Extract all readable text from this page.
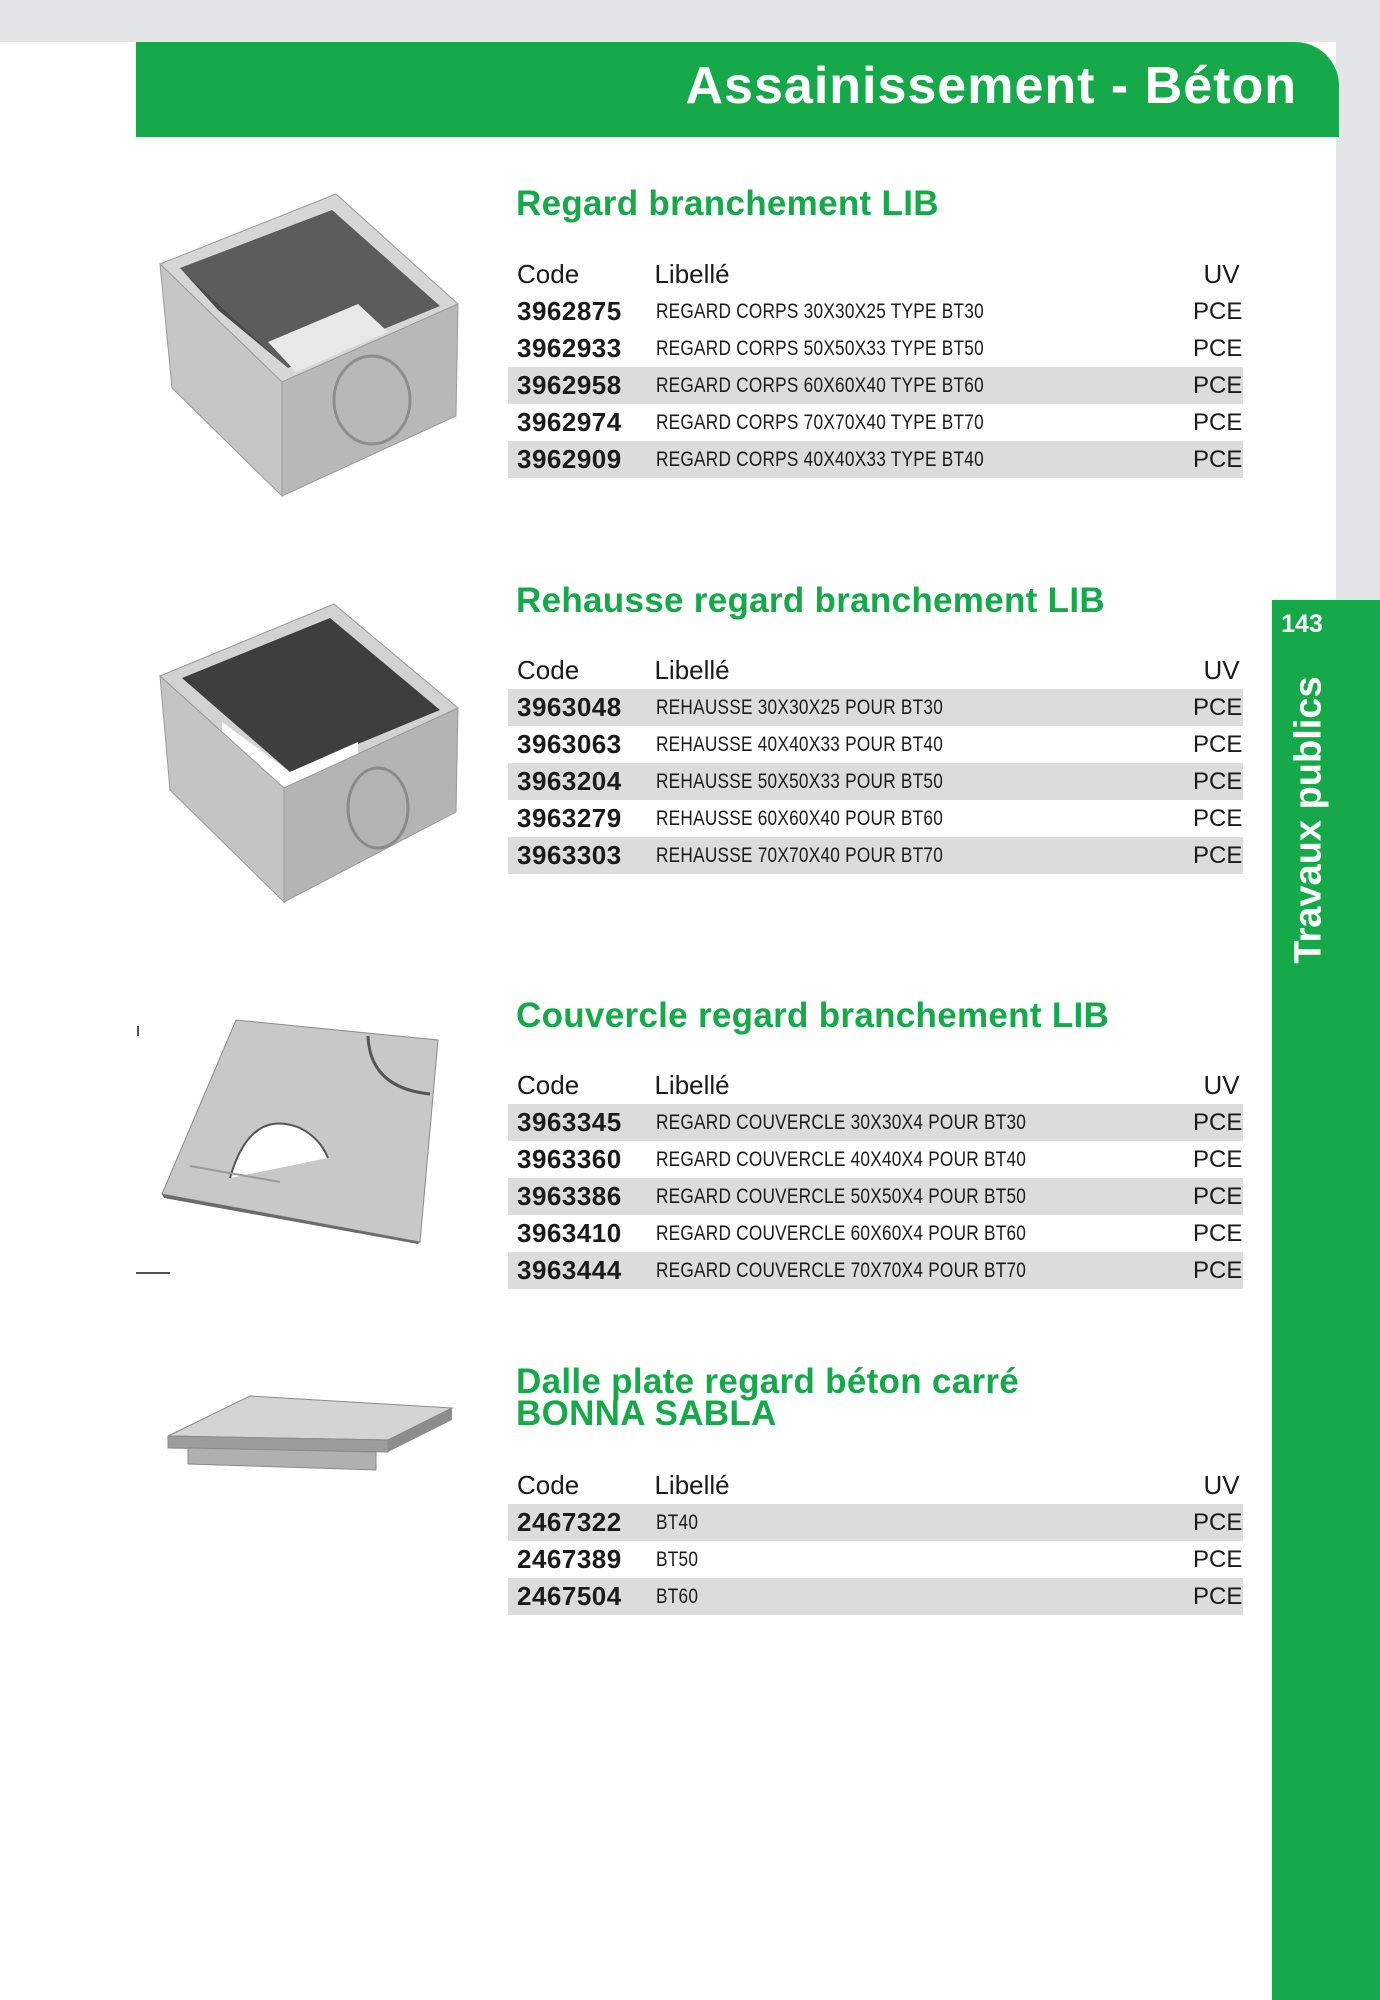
Assainissement - Béton
143
Travaux publics
Regard branchement LIB
Code	Libellé	UV
3962875	REGARD CORPS 30X30X25 TYPE BT30	PCE
3962933	REGARD CORPS 50X50X33 TYPE BT50	PCE
3962958	REGARD CORPS 60X60X40 TYPE BT60	PCE
3962974	REGARD CORPS 70X70X40 TYPE BT70	PCE
3962909	REGARD CORPS 40X40X33 TYPE BT40	PCE
Rehausse regard branchement LIB
Code	Libellé	UV
3963048	REHAUSSE 30X30X25 POUR BT30	PCE
3963063	REHAUSSE 40X40X33 POUR BT40	PCE
3963204	REHAUSSE 50X50X33 POUR BT50	PCE
3963279	REHAUSSE 60X60X40 POUR BT60	PCE
3963303	REHAUSSE 70X70X40 POUR BT70	PCE
Couvercle regard branchement LIB
Code	Libellé	UV
3963345	REGARD COUVERCLE 30X30X4 POUR BT30	PCE
3963360	REGARD COUVERCLE 40X40X4 POUR BT40	PCE
3963386	REGARD COUVERCLE 50X50X4 POUR BT50	PCE
3963410	REGARD COUVERCLE 60X60X4 POUR BT60	PCE
3963444	REGARD COUVERCLE 70X70X4 POUR BT70	PCE
Dalle plate regard béton carré
BONNA SABLA
Code	Libellé	UV
2467322	BT40	PCE
2467389	BT50	PCE
2467504	BT60	PCE
